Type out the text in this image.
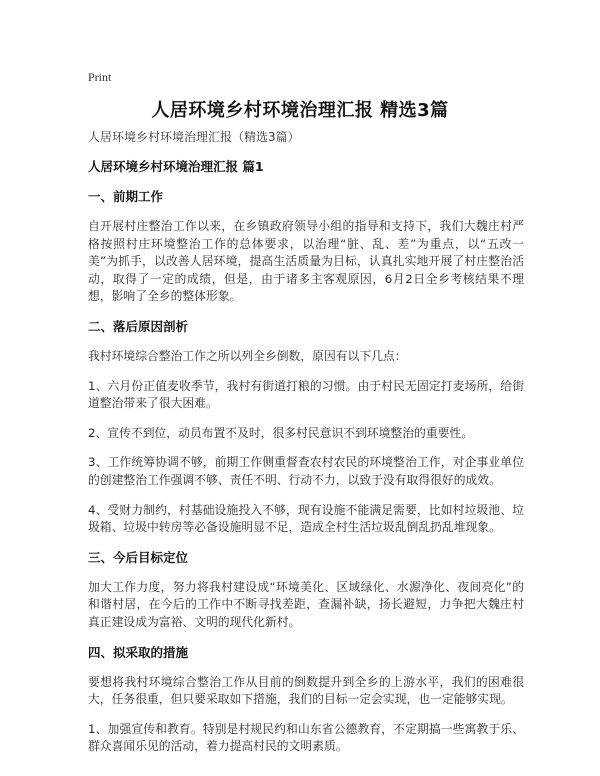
Print
人居环境乡村环境治理汇报 精选3篇

人居环境乡村环境治理汇报（精选3篇）

人居环境乡村环境治理汇报 篇1

一、前期工作

自开展村庄整治工作以来，在乡镇政府领导小组的指导和支持下，我们大魏庄村严格按照村庄环境整治工作的总体要求，以治理“脏、乱、差”为重点，以“五改一美”为抓手，以改善人居环境，提高生活质量为目标，认真扎实地开展了村庄整治活动，取得了一定的成绩，但是，由于诸多主客观原因，6月2日全乡考核结果不理想，影响了全乡的整体形象。

二、落后原因剖析

我村环境综合整治工作之所以列全乡倒数，原因有以下几点：

1、六月份正值麦收季节，我村有街道打粮的习惯。由于村民无固定打麦场所，给街道整治带来了很大困难。

2、宣传不到位，动员布置不及时，很多村民意识不到环境整治的重要性。

3、工作统筹协调不够，前期工作侧重督查农村农民的环境整治工作，对企事业单位的创建整治工作强调不够、责任不明、行动不力，以致于没有取得很好的成效。

4、受财力制约，村基础设施投入不够，现有设施不能满足需要，比如村垃圾池、垃圾箱、垃圾中转房等必备设施明显不足，造成全村生活垃圾乱倒乱扔乱堆现象。

三、今后目标定位

加大工作力度，努力将我村建设成“环境美化、区域绿化、水源净化、夜间亮化”的和谐村居，在今后的工作中不断寻找差距，查漏补缺，扬长避短，力争把大魏庄村真正建设成为富裕、文明的现代化新村。

四、拟采取的措施

要想将我村环境综合整治工作从目前的倒数提升到全乡的上游水平，我们的困难很大，任务很重，但只要采取如下措施，我们的目标一定会实现，也一定能够实现。

1、加强宣传和教育。特别是村规民约和山东省公德教育，不定期搞一些寓教于乐、群众喜闻乐见的活动，着力提高村民的文明素质。
